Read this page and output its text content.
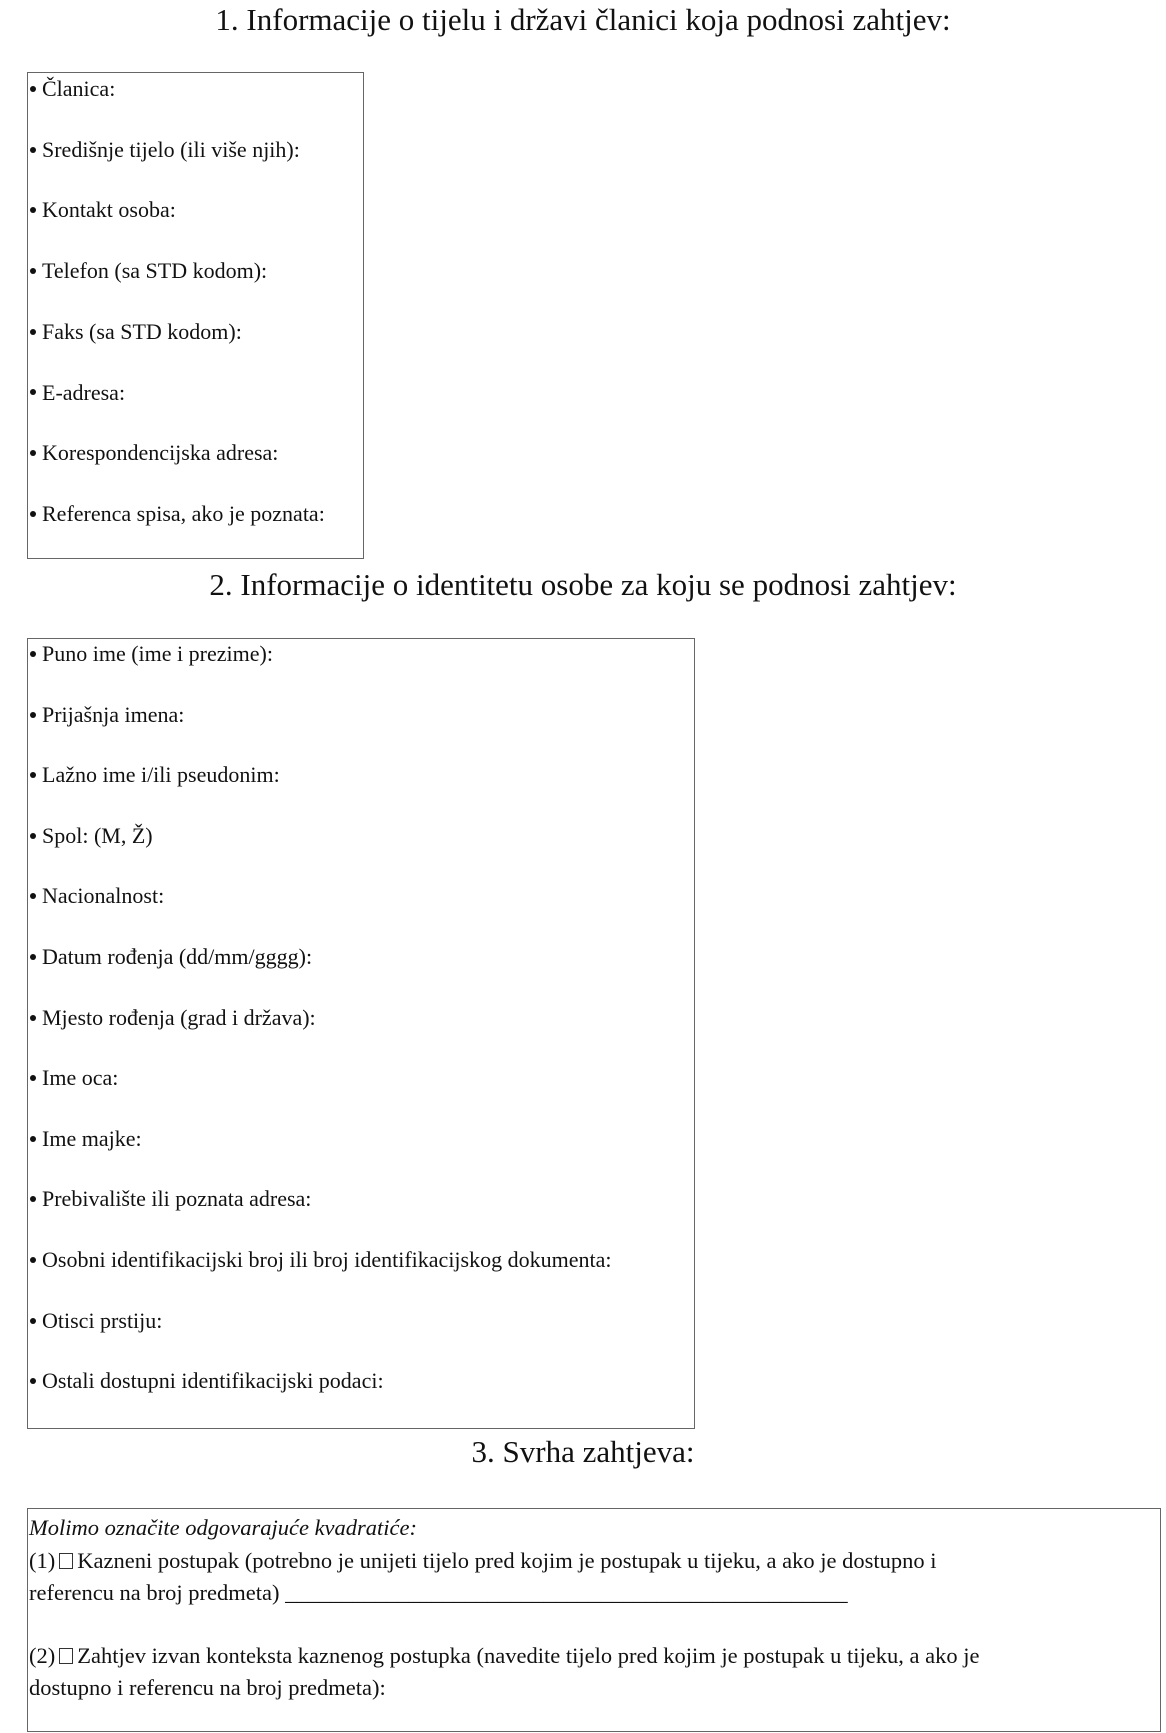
1. Informacije o tijelu i državi članici koja podnosi zahtjev:
Članica:
Središnje tijelo (ili više njih):
Kontakt osoba:
Telefon (sa STD kodom):
Faks (sa STD kodom):
E-adresa:
Korespondencijska adresa:
Referenca spisa, ako je poznata:
2. Informacije o identitetu osobe za koju se podnosi zahtjev:
Puno ime (ime i prezime):
Prijašnja imena:
Lažno ime i/ili pseudonim:
Spol: (M, Ž)
Nacionalnost:
Datum rođenja (dd/mm/gggg):
Mjesto rođenja (grad i država):
Ime oca:
Ime majke:
Prebivalište ili poznata adresa:
Osobni identifikacijski broj ili broj identifikacijskog dokumenta:
Otisci prstiju:
Ostali dostupni identifikacijski podaci:
3. Svrha zahtjeva:
Molimo označite odgovarajuće kvadratiće:
(1) Kazneni postupak (potrebno je unijeti tijelo pred kojim je postupak u tijeku, a ako je dostupno i
referencu na broj predmeta) __________________________________________________
(2) Zahtjev izvan konteksta kaznenog postupka (navedite tijelo pred kojim je postupak u tijeku, a ako je
dostupno i referencu na broj predmeta):
